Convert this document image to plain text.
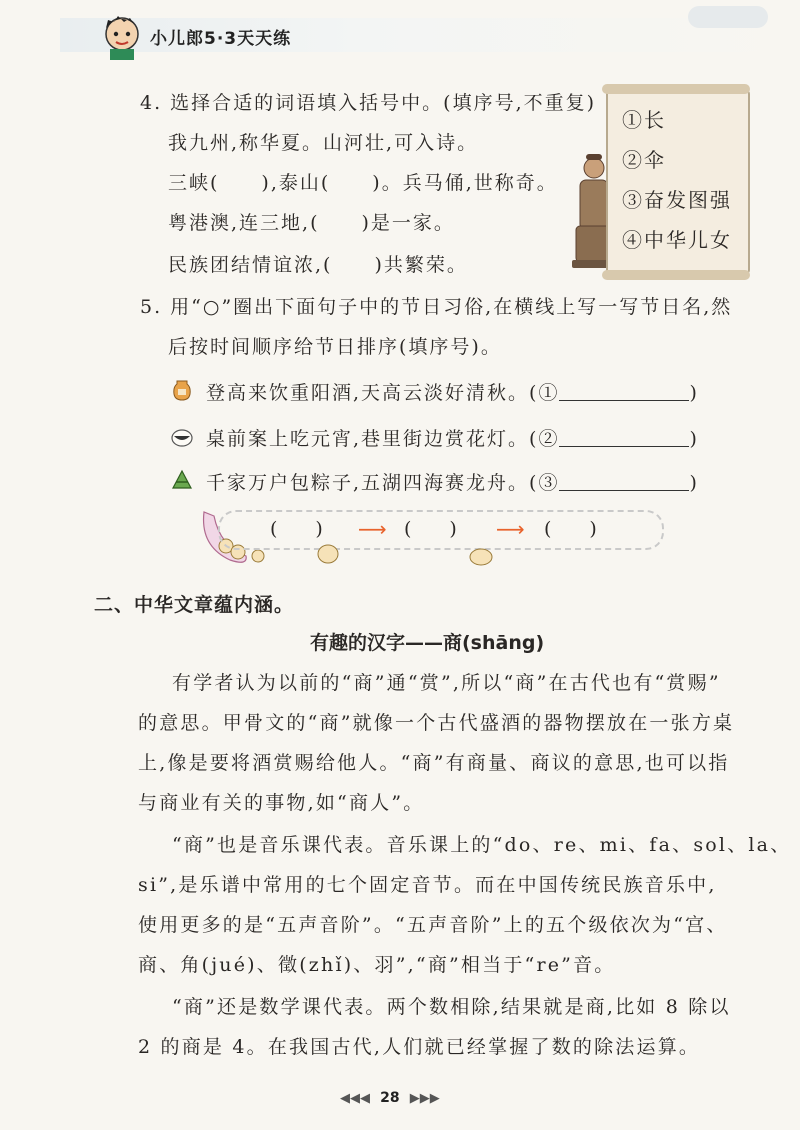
小儿郎5·3天天练
4. 选择合适的词语填入括号中。(填序号,不重复)
我九州,称华夏。山河壮,可入诗。
三峡(　　),泰山(　　)。兵马俑,世称奇。
粤港澳,连三地,(　　)是一家。
民族团结情谊浓,(　　)共繁荣。
①长
②伞
③奋发图强
④中华儿女
5. 用“○”圈出下面句子中的节日习俗,在横线上写一写节日名,然
后按时间顺序给节日排序(填序号)。
登高来饮重阳酒,天高云淡好清秋。(①	)
桌前案上吃元宵,巷里街边赏花灯。(②	)
千家万户包粽子,五湖四海赛龙舟。(③	)
(　　) ⟶ (　　) ⟶ (　　)
二、中华文章蕴内涵。
有趣的汉字——商(shāng)
有学者认为以前的“商”通“赏”,所以“商”在古代也有“赏赐”
的意思。甲骨文的“商”就像一个古代盛酒的器物摆放在一张方桌
上,像是要将酒赏赐给他人。“商”有商量、商议的意思,也可以指
与商业有关的事物,如“商人”。
“商”也是音乐课代表。音乐课上的“do、re、mi、fa、sol、la、
si”,是乐谱中常用的七个固定音节。而在中国传统民族音乐中,
使用更多的是“五声音阶”。“五声音阶”上的五个级依次为“宫、
商、角(jué)、徵(zhǐ)、羽”,“商”相当于“re”音。
“商”还是数学课代表。两个数相除,结果就是商,比如 8 除以
2 的商是 4。在我国古代,人们就已经掌握了数的除法运算。
◀◀◀ 28 ▶▶▶
